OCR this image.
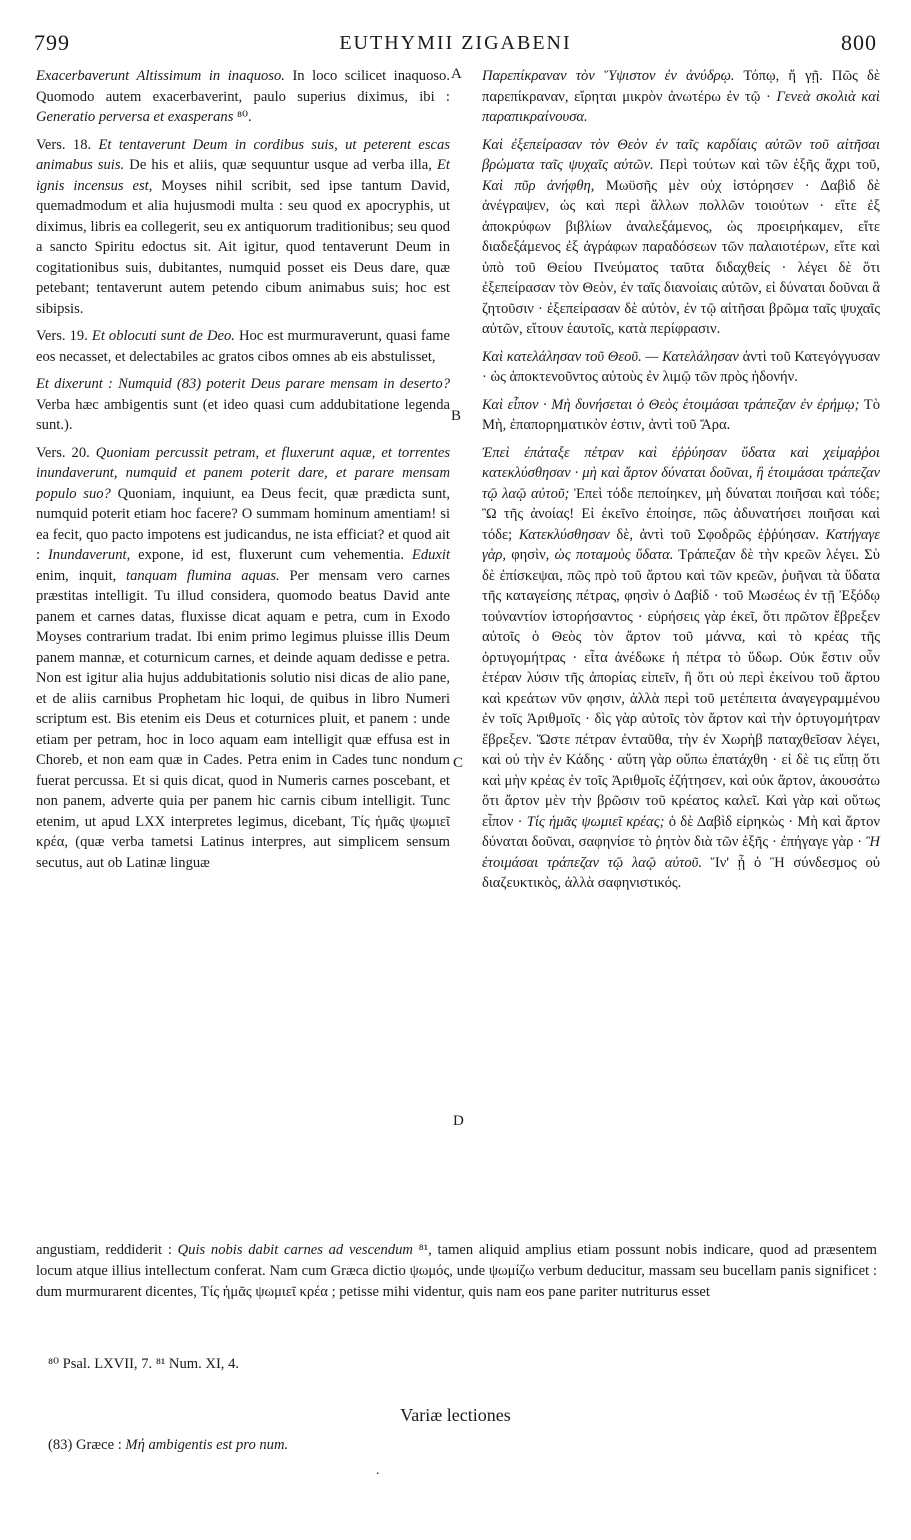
799	EUTHYMII ZIGABENI	800
A
B
C
D

Exacerbaverunt Altissimum in inaquoso. In loco scilicet inaquoso. Quomodo autem exacerbaverint, paulo superius diximus, ibi : Generatio perversa et exasperans ⁸⁰.

Vers. 18. Et tentaverunt Deum in cordibus suis, ut peterent escas animabus suis. De his et aliis, quæ sequuntur usque ad verba illa, Et ignis incensus est, Moyses nihil scribit, sed ipse tantum David, quemadmodum et alia hujusmodi multa : seu quod ex apocryphis, ut diximus, libris ea collegerit, seu ex antiquorum traditionibus; seu quod a sancto Spiritu edoctus sit. Ait igitur, quod tentaverunt Deum in cogitationibus suis, dubitantes, numquid posset eis Deus dare, quæ petebant; tentaverunt autem petendo cibum animabus suis; hoc est sibipsis.

Vers. 19. Et oblocuti sunt de Deo. Hoc est murmuraverunt, quasi fame eos necasset, et delectabiles ac gratos cibos omnes ab eis abstulisset,

Et dixerunt : Numquid (83) poterit Deus parare mensam in deserto? Verba hæc ambigentis sunt (et ideo quasi cum addubitatione legenda sunt.).

Vers. 20. Quoniam percussit petram, et fluxerunt aquæ, et torrentes inundaverunt, numquid et panem poterit dare, et parare mensam populo suo? Quoniam, inquiunt, ea Deus fecit, quæ prædicta sunt, numquid poterit etiam hoc facere? O summam hominum amentiam! si ea fecit, quo pacto impotens est judicandus, ne ista efficiat? et quod ait : Inundaverunt, expone, id est, fluxerunt cum vehementia. Eduxit enim, inquit, tanquam flumina aquas. Per mensam vero carnes præstitas intelligit. Tu illud considera, quomodo beatus David ante panem et carnes datas, fluxisse dicat aquam e petra, cum in Exodo Moyses contrarium tradat. Ibi enim primo legimus pluisse illis Deum panem mannæ, et coturnicum carnes, et deinde aquam dedisse e petra. Non est igitur alia hujus addubitationis solutio nisi dicas de alio pane, et de aliis carnibus Prophetam hic loqui, de quibus in libro Numeri scriptum est. Bis etenim eis Deus et coturnices pluit, et panem : unde etiam per petram, hoc in loco aquam eam intelligit quæ effusa est in Choreb, et non eam quæ in Cades. Petra enim in Cades tunc nondum fuerat percussa. Et si quis dicat, quod in Numeris carnes poscebant, et non panem, adverte quia per panem hic carnis cibum intelligit. Tunc etenim, ut apud LXX interpretes legimus, dicebant, Τίς ἡμᾶς ψωμιεῖ κρέα, (quæ verba tametsi Latinus interpres, aut simplicem sensum secutus, aut ob Latinæ linguæ

Παρεπίκραναν τὸν Ὕψιστον ἐν ἀνύδρῳ. Τόπῳ, ἤ γῇ. Πῶς δὲ παρεπίκραναν, εἴρηται μικρὸν ἀνωτέρω ἐν τῷ · Γενεὰ σκολιὰ καὶ παραπικραίνουσα.

Καὶ ἐξεπείρασαν τὸν Θεὸν ἐν ταῖς καρδίαις αὐτῶν τοῦ αἰτῆσαι βρώματα ταῖς ψυχαῖς αὐτῶν. Περὶ τούτων καὶ τῶν ἑξῆς ἄχρι τοῦ, Καὶ πῦρ ἀνήφθη, Μωϋσῆς μὲν οὐχ ἱστόρησεν · Δαβὶδ δὲ ἀνέγραψεν, ὡς καὶ περὶ ἄλλων πολλῶν τοιούτων · εἴτε ἐξ ἀποκρύφων βιβλίων ἀναλεξάμενος, ὡς προειρήκαμεν, εἴτε διαδεξάμενος ἐξ ἀγράφων παραδόσεων τῶν παλαιοτέρων, εἴτε καὶ ὑπὸ τοῦ Θείου Πνεύματος ταῦτα διδαχθείς · λέγει δὲ ὅτι ἐξεπείρασαν τὸν Θεὸν, ἐν ταῖς διανοίαις αὐτῶν, εἰ δύναται δοῦναι ἃ ζητοῦσιν · ἐξεπείρασαν δὲ αὐτὸν, ἐν τῷ αἰτῆσαι βρῶμα ταῖς ψυχαῖς αὐτῶν, εἴτουν ἑαυτοῖς, κατὰ περίφρασιν.

Καὶ κατελάλησαν τοῦ Θεοῦ. — Κατελάλησαν ἀντὶ τοῦ Κατεγόγγυσαν · ὡς ἀποκτενοῦντος αὐτοὺς ἐν λιμῷ τῶν πρὸς ἡδονήν.

Καὶ εἶπον · Μὴ δυνήσεται ὁ Θεὸς ἑτοιμάσαι τράπεζαν ἐν ἐρήμῳ; Τὸ Μὴ, ἐπαπορηματικὸν ἐστιν, ἀντὶ τοῦ Ἄρα.

Ἐπεὶ ἐπάταξε πέτραν καὶ ἐῤῥύησαν ὕδατα καὶ χείμαῤῥοι κατεκλύσθησαν · μὴ καὶ ἄρτον δύναται δοῦναι, ἢ ἑτοιμάσαι τράπεζαν τῷ λαῷ αὐτοῦ; Ἐπεὶ τόδε πεποίηκεν, μὴ δύναται ποιῆσαι καὶ τόδε; Ὢ τῆς ἀνοίας! Εἰ ἐκεῖνο ἐποίησε, πῶς ἀδυνατήσει ποιῆσαι καὶ τόδε; Κατεκλύσθησαν δὲ, ἀντὶ τοῦ Σφοδρῶς ἐῤῥύησαν. Κατήγαγε γὰρ, φησὶν, ὡς ποταμοὺς ὕδατα. Τράπεζαν δὲ τὴν κρεῶν λέγει. Σὺ δὲ ἐπίσκεψαι, πῶς πρὸ τοῦ ἄρτου καὶ τῶν κρεῶν, ῥυῆναι τὰ ὕδατα τῆς καταγείσης πέτρας, φησὶν ὁ Δαβίδ · τοῦ Μωσέως ἐν τῇ Ἐξόδῳ τοὐναντίον ἱστορήσαντος · εὑρήσεις γὰρ ἐκεῖ, ὅτι πρῶτον ἔβρεξεν αὐτοῖς ὁ Θεὸς τὸν ἄρτον τοῦ μάννα, καὶ τὸ κρέας τῆς ὀρτυγομήτρας · εἶτα ἀνέδωκε ἡ πέτρα τὸ ὕδωρ. Οὐκ ἔστιν οὖν ἑτέραν λύσιν τῆς ἀπορίας εἰπεῖν, ἢ ὅτι οὐ περὶ ἐκείνου τοῦ ἄρτου καὶ κρεάτων νῦν φησιν, ἀλλὰ περὶ τοῦ μετέπειτα ἀναγεγραμμένου ἐν τοῖς Ἀριθμοῖς · δὶς γὰρ αὐτοῖς τὸν ἄρτον καὶ τὴν ὀρτυγομήτραν ἔβρεξεν. Ὥστε πέτραν ἐνταῦθα, τὴν ἐν Χωρὴβ παταχθεῖσαν λέγει, καὶ οὐ τὴν ἐν Κάδης · αὕτη γὰρ οὔπω ἐπατάχθη · εἰ δὲ τις εἴπῃ ὅτι καὶ μὴν κρέας ἐν τοῖς Ἀριθμοῖς ἐζήτησεν, καὶ οὐκ ἄρτον, ἀκουσάτω ὅτι ἄρτον μὲν τὴν βρῶσιν τοῦ κρέατος καλεῖ. Καὶ γὰρ καὶ οὕτως εἶπον · Τίς ἡμᾶς ψωμιεῖ κρέας; ὁ δὲ Δαβὶδ εἰρηκὼς · Μὴ καὶ ἄρτον δύναται δοῦναι, σαφηνίσε τὸ ῥητὸν διὰ τῶν ἑξῆς · ἐπήγαγε γὰρ · Ἢ ἑτοιμάσαι τράπεζαν τῷ λαῷ αὐτοῦ. Ἵν' ᾖ ὁ Ἢ σύνδεσμος οὐ διαζευκτικὸς, ἀλλὰ σαφηνιστικός.

angustiam, reddiderit : Quis nobis dabit carnes ad vescendum ⁸¹, tamen aliquid amplius etiam possunt nobis indicare, quod ad præsentem locum atque illius intellectum conferat. Nam cum Græca dictio ψωμός, unde ψωμίζω verbum deducitur, massam seu bucellam panis significet : dum murmurarent dicentes, Τίς ἡμᾶς ψωμιεῖ κρέα ; petisse mihi videntur, quis nam eos pane pariter nutriturus esset
⁸⁰ Psal. LXVII, 7. ⁸¹ Num. XI, 4.
Variæ lectiones
(83) Græce : Mή ambigentis est pro num.
.
